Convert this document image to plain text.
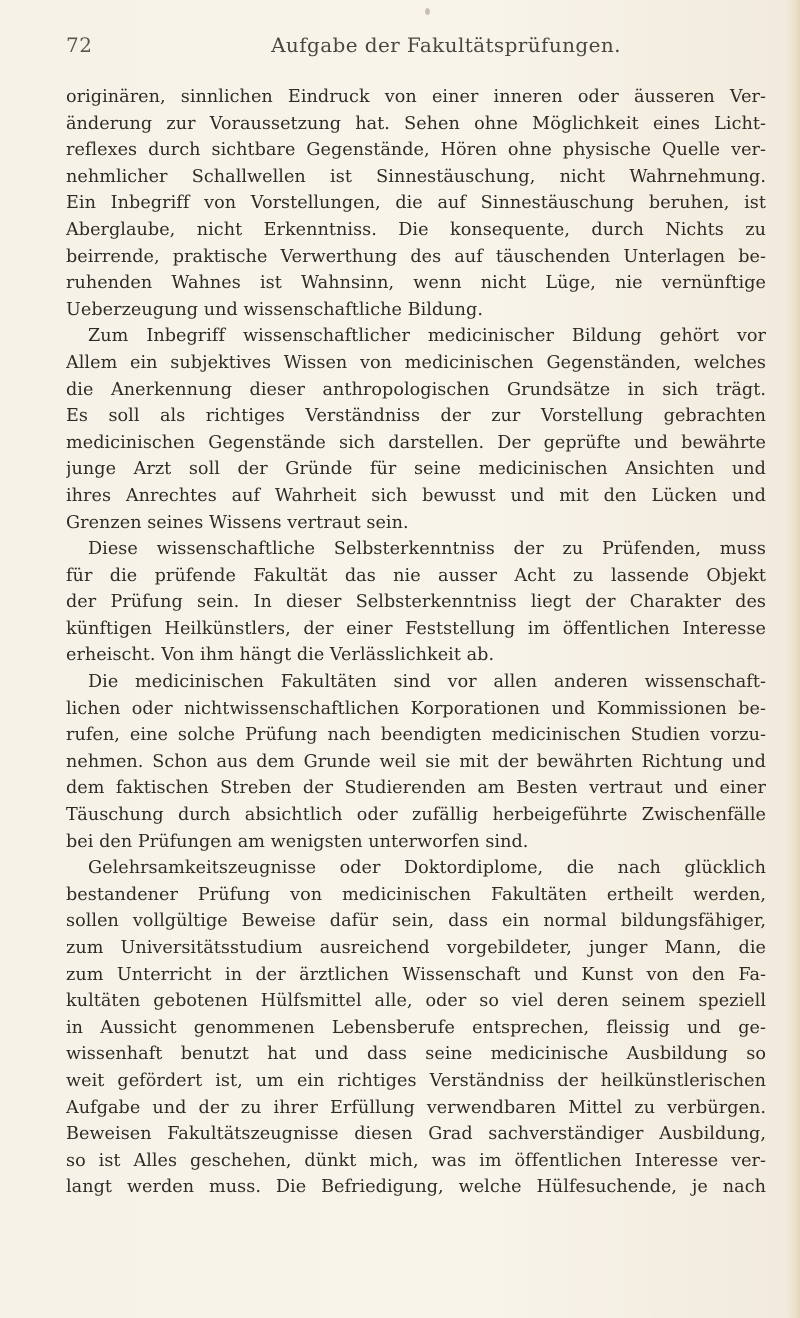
72	Aufgabe der Fakultätsprüfungen.
originären, sinnlichen Eindruck von einer inneren oder äusseren Ver-
änderung zur Voraussetzung hat. Sehen ohne Möglichkeit eines Licht-
reflexes durch sichtbare Gegenstände, Hören ohne physische Quelle ver-
nehmlicher Schallwellen ist Sinnestäuschung, nicht Wahrnehmung.
Ein Inbegriff von Vorstellungen, die auf Sinnestäuschung beruhen, ist
Aberglaube, nicht Erkenntniss. Die konsequente, durch Nichts zu
beirrende, praktische Verwerthung des auf täuschenden Unterlagen be-
ruhenden Wahnes ist Wahnsinn, wenn nicht Lüge, nie vernünftige
Ueberzeugung und wissenschaftliche Bildung.
Zum Inbegriff wissenschaftlicher medicinischer Bildung gehört vor
Allem ein subjektives Wissen von medicinischen Gegenständen, welches
die Anerkennung dieser anthropologischen Grundsätze in sich trägt.
Es soll als richtiges Verständniss der zur Vorstellung gebrachten
medicinischen Gegenstände sich darstellen. Der geprüfte und bewährte
junge Arzt soll der Gründe für seine medicinischen Ansichten und
ihres Anrechtes auf Wahrheit sich bewusst und mit den Lücken und
Grenzen seines Wissens vertraut sein.
Diese wissenschaftliche Selbsterkenntniss der zu Prüfenden, muss
für die prüfende Fakultät das nie ausser Acht zu lassende Objekt
der Prüfung sein. In dieser Selbsterkenntniss liegt der Charakter des
künftigen Heilkünstlers, der einer Feststellung im öffentlichen Interesse
erheischt. Von ihm hängt die Verlässlichkeit ab.
Die medicinischen Fakultäten sind vor allen anderen wissenschaft-
lichen oder nichtwissenschaftlichen Korporationen und Kommissionen be-
rufen, eine solche Prüfung nach beendigten medicinischen Studien vorzu-
nehmen. Schon aus dem Grunde weil sie mit der bewährten Richtung und
dem faktischen Streben der Studierenden am Besten vertraut und einer
Täuschung durch absichtlich oder zufällig herbeigeführte Zwischenfälle
bei den Prüfungen am wenigsten unterworfen sind.
Gelehrsamkeitszeugnisse oder Doktordiplome, die nach glücklich
bestandener Prüfung von medicinischen Fakultäten ertheilt werden,
sollen vollgültige Beweise dafür sein, dass ein normal bildungsfähiger,
zum Universitätsstudium ausreichend vorgebildeter, junger Mann, die
zum Unterricht in der ärztlichen Wissenschaft und Kunst von den Fa-
kultäten gebotenen Hülfsmittel alle, oder so viel deren seinem speziell
in Aussicht genommenen Lebensberufe entsprechen, fleissig und ge-
wissenhaft benutzt hat und dass seine medicinische Ausbildung so
weit gefördert ist, um ein richtiges Verständniss der heilkünstlerischen
Aufgabe und der zu ihrer Erfüllung verwendbaren Mittel zu verbürgen.
Beweisen Fakultätszeugnisse diesen Grad sachverständiger Ausbildung,
so ist Alles geschehen, dünkt mich, was im öffentlichen Interesse ver-
langt werden muss. Die Befriedigung, welche Hülfesuchende, je nach
